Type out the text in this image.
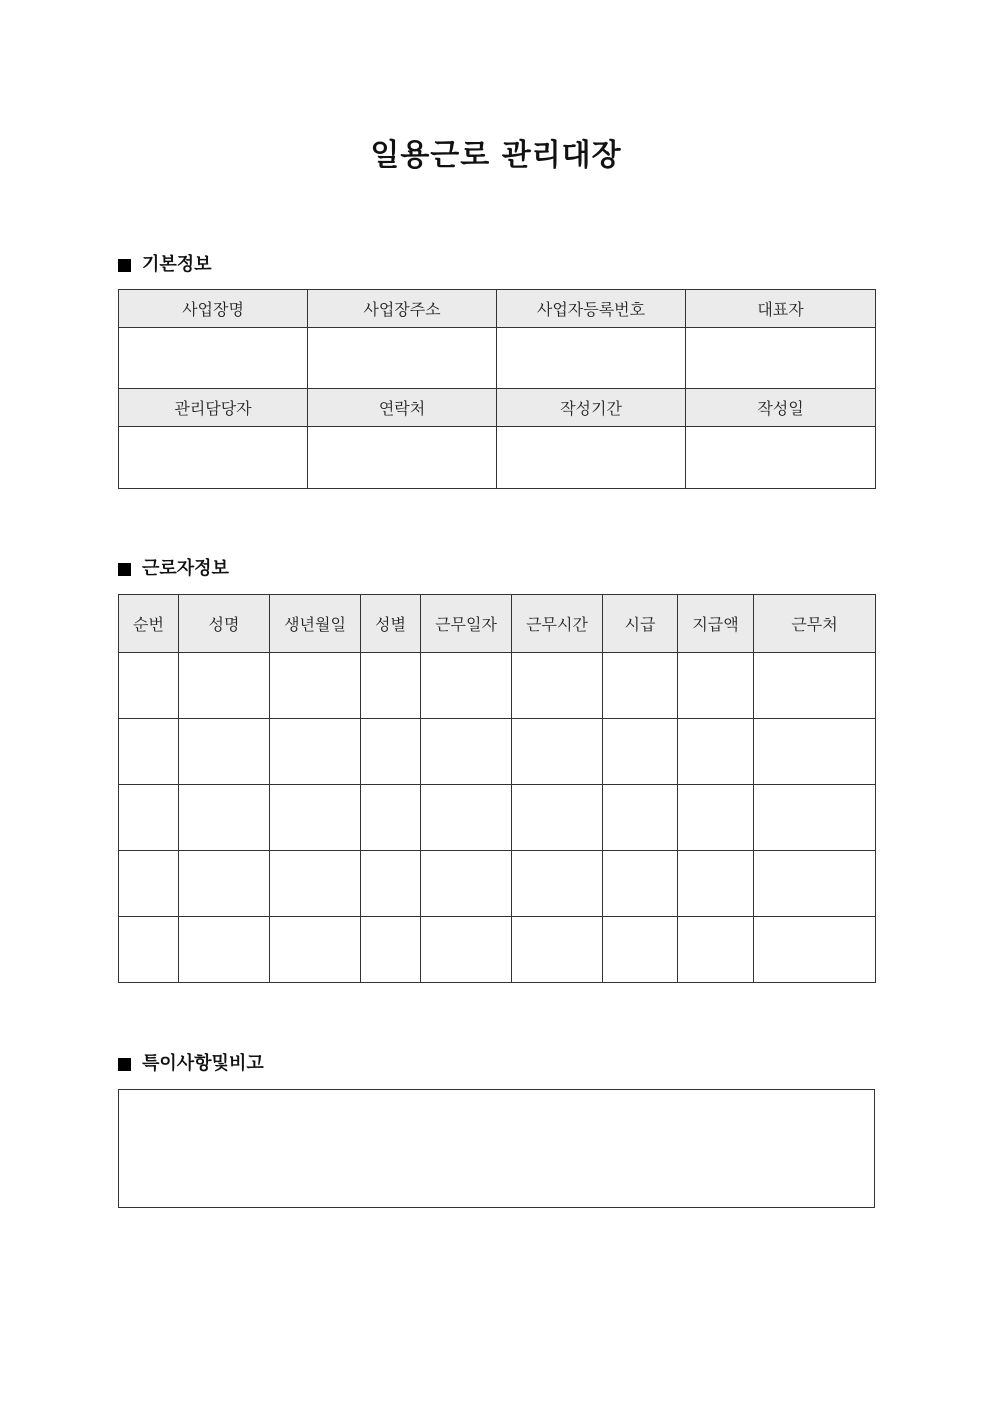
일용근로 관리대장
기본정보
사업장명	사업장주소	사업자등록번호	대표자

관리담당자	연락처	작성기간	작성일

근로자정보
순번	성명	생년월일	성별	근무일자	근무시간	시급	지급액	근무처

특이사항및비고
